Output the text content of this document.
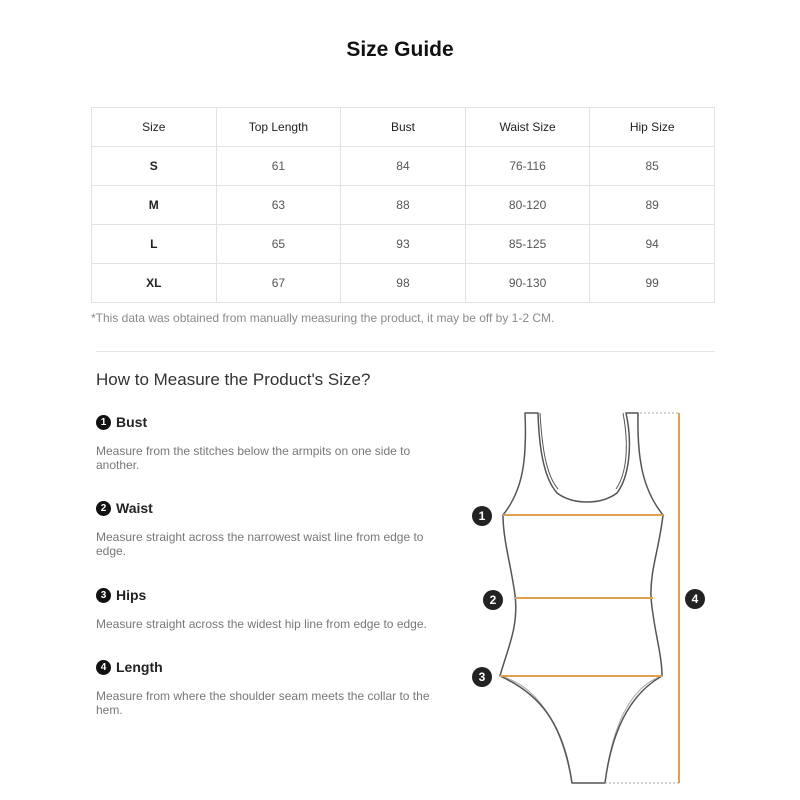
Size Guide
Size	Top Length	Bust	Waist Size	Hip Size
S	61	84	76-116	85
M	63	88	80-120	89
L	65	93	85-125	94
XL	67	98	90-130	99
*This data was obtained from manually measuring the product, it may be off by 1-2 CM.
How to Measure the Product's Size?
1 Bust
Measure from the stitches below the armpits on one side to another.
2 Waist
Measure straight across the narrowest waist line from edge to edge.
3 Hips
Measure straight across the widest hip line from edge to edge.
4 Length
Measure from where the shoulder seam meets the collar to the hem.
1
2
3
4
